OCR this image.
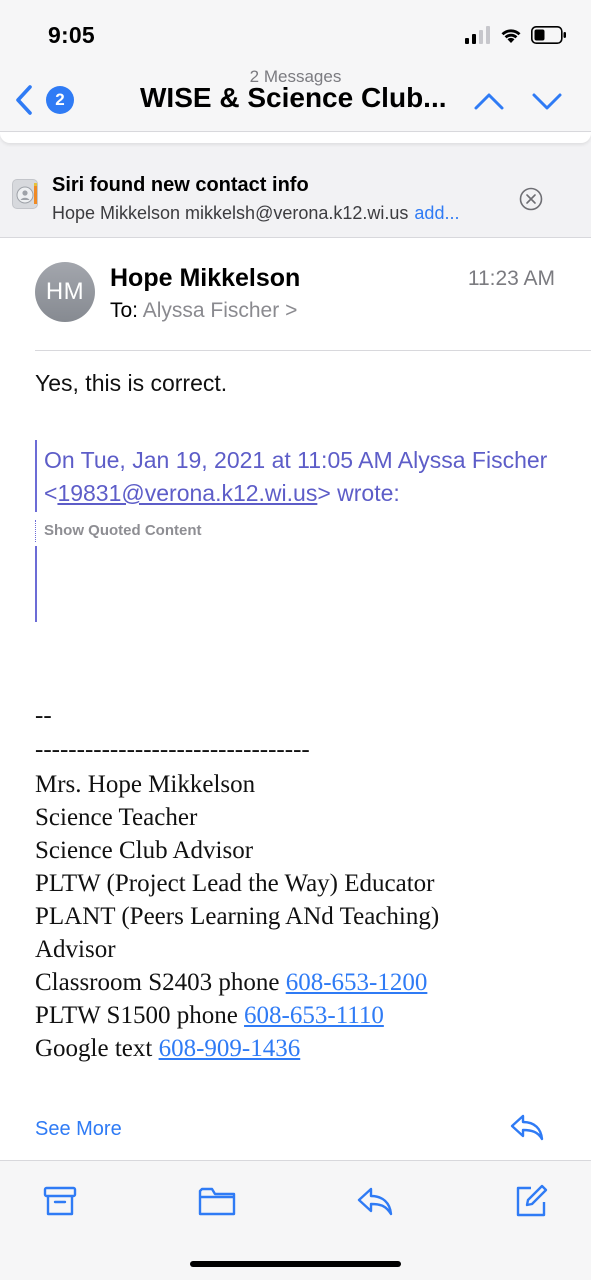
9:05
2
2 Messages
WISE & Science Club...
Siri found new contact info
Hope Mikkelson mikkelsh@verona.k12.wi.us add...
HM	Hope Mikkelson	11:23 AM
To: Alyssa Fischer >
Yes, this is correct.
On Tue, Jan 19, 2021 at 11:05 AM Alyssa Fischer <19831@verona.k12.wi.us> wrote:
Show Quoted Content
--
---------------------------------
Mrs. Hope Mikkelson
Science Teacher
Science Club Advisor
PLTW (Project Lead the Way) Educator
PLANT (Peers Learning ANd Teaching)
Advisor
Classroom S2403 phone 608-653-1200
PLTW S1500 phone 608-653-1110
Google text 608-909-1436
See More
